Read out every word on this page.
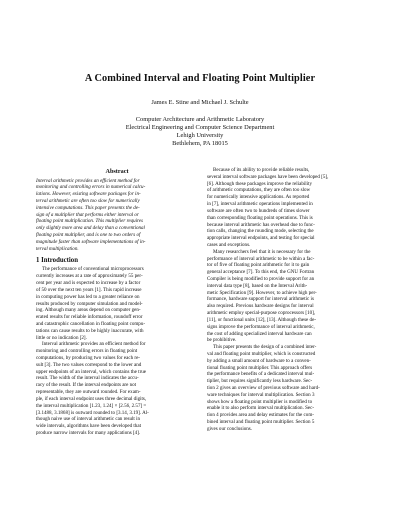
A Combined Interval and Floating Point Multiplier
James E. Stine and Michael J. Schulte
Computer Architecture and Arithmetic Laboratory
Electrical Engineering and Computer Science Department
Lehigh University
Bethlehem, PA 18015
Abstract
Interval arithmetic provides an efficient method for
monitoring and controlling errors in numerical calcu-
lations. However, existing software packages for in-
terval arithmetic are often too slow for numerically
intensive computations. This paper presents the de-
sign of a multiplier that performs either interval or
floating point multiplication. This multiplier requires
only slightly more area and delay than a conventional
floating point multiplier, and is one to two orders of
magnitude faster than software implementations of in-
terval multiplication.
1 Introduction
The performance of conventional microprocessors
currently increases at a rate of approximately 55 per-
cent per year and is expected to increase by a factor
of 50 over the next ten years [1]. This rapid increase
in computing power has led to a greater reliance on
results produced by computer simulation and model-
ing. Although many areas depend on computer gen-
erated results for reliable information, roundoff error
and catastrophic cancellation in floating point compu-
tations can cause results to be highly inaccurate, with
little or no indication [2].
Interval arithmetic provides an efficient method for
monitoring and controlling errors in floating point
computations, by producing two values for each re-
sult [3]. The two values correspond to the lower and
upper endpoints of an interval, which contains the true
result. The width of the interval indicates the accu-
racy of the result. If the interval endpoints are not
representable, they are outward rounded. For exam-
ple, if each interval endpoint uses three decimal digits,
the interval multiplication [1.23, 1.24] × [2.56, 2.57] =
[3.1488, 3.1868] is outward rounded to [3.14, 3.19]. Al-
though naive use of interval arithmetic can result in
wide intervals, algorithms have been developed that
produce narrow intervals for many applications [4].
Because of its ability to provide reliable results,
several interval software packages have been developed [5],
[6]. Although these packages improve the reliability
of arithmetic computations, they are often too slow
for numerically intensive applications. As reported
in [7], interval arithmetic operations implemented in
software are often two to hundreds of times slower
than corresponding floating point operations. This is
because interval arithmetic has overhead due to func-
tion calls, changing the rounding mode, selecting the
appropriate interval endpoints, and testing for special
cases and exceptions.
Many researchers feel that it is necessary for the
performance of interval arithmetic to be within a fac-
tor of five of floating point arithmetic for it to gain
general acceptance [7]. To this end, the GNU Fortran
Compiler is being modified to provide support for an
interval data type [8], based on the Interval Arith-
metic Specification [9]. However, to achieve high per-
formance, hardware support for interval arithmetic is
also required. Previous hardware designs for interval
arithmetic employ special-purpose coprocessors [10],
[11], or functional units [12], [13]. Although these de-
signs improve the performance of interval arithmetic,
the cost of adding specialized interval hardware can
be prohibitive.
This paper presents the design of a combined inter-
val and floating point multiplier, which is constructed
by adding a small amount of hardware to a conven-
tional floating point multiplier. This approach offers
the performance benefits of a dedicated interval mul-
tiplier, but requires significantly less hardware. Sec-
tion 2 gives an overview of previous software and hard-
ware techniques for interval multiplication. Section 3
shows how a floating point multiplier is modified to
enable it to also perform interval multiplication. Sec-
tion 4 provides area and delay estimates for the com-
bined interval and floating point multiplier. Section 5
gives our conclusions.
